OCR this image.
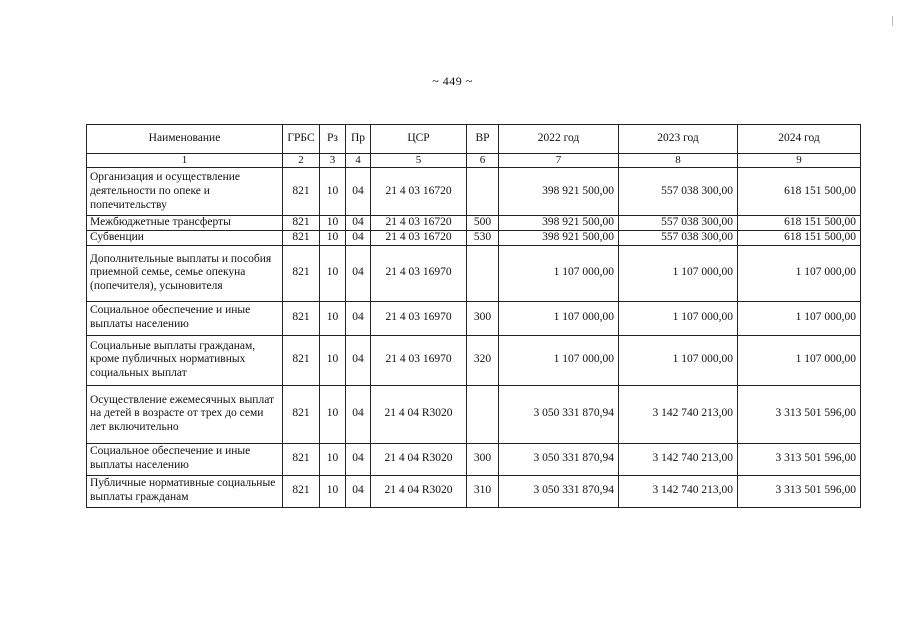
~ 449 ~
Наименование	ГРБС	Рз	Пр	ЦСР	ВР	2022 год	2023 год	2024 год
1	2	3	4	5	6	7	8	9
Организация и осуществление деятельности по опеке и попечительству	821	10	04	21 4 03 16720		398 921 500,00	557 038 300,00	618 151 500,00
Межбюджетные трансферты	821	10	04	21 4 03 16720	500	398 921 500,00	557 038 300,00	618 151 500,00
Субвенции	821	10	04	21 4 03 16720	530	398 921 500,00	557 038 300,00	618 151 500,00
Дополнительные выплаты и пособия приемной семье, семье опекуна (попечителя), усыновителя	821	10	04	21 4 03 16970		1 107 000,00	1 107 000,00	1 107 000,00
Социальное обеспечение и иные выплаты населению	821	10	04	21 4 03 16970	300	1 107 000,00	1 107 000,00	1 107 000,00
Социальные выплаты гражданам, кроме публичных нормативных социальных выплат	821	10	04	21 4 03 16970	320	1 107 000,00	1 107 000,00	1 107 000,00
Осуществление ежемесячных выплат на детей в возрасте от трех до семи лет включительно	821	10	04	21 4 04 R3020		3 050 331 870,94	3 142 740 213,00	3 313 501 596,00
Социальное обеспечение и иные выплаты населению	821	10	04	21 4 04 R3020	300	3 050 331 870,94	3 142 740 213,00	3 313 501 596,00
Публичные нормативные социальные выплаты гражданам	821	10	04	21 4 04 R3020	310	3 050 331 870,94	3 142 740 213,00	3 313 501 596,00
